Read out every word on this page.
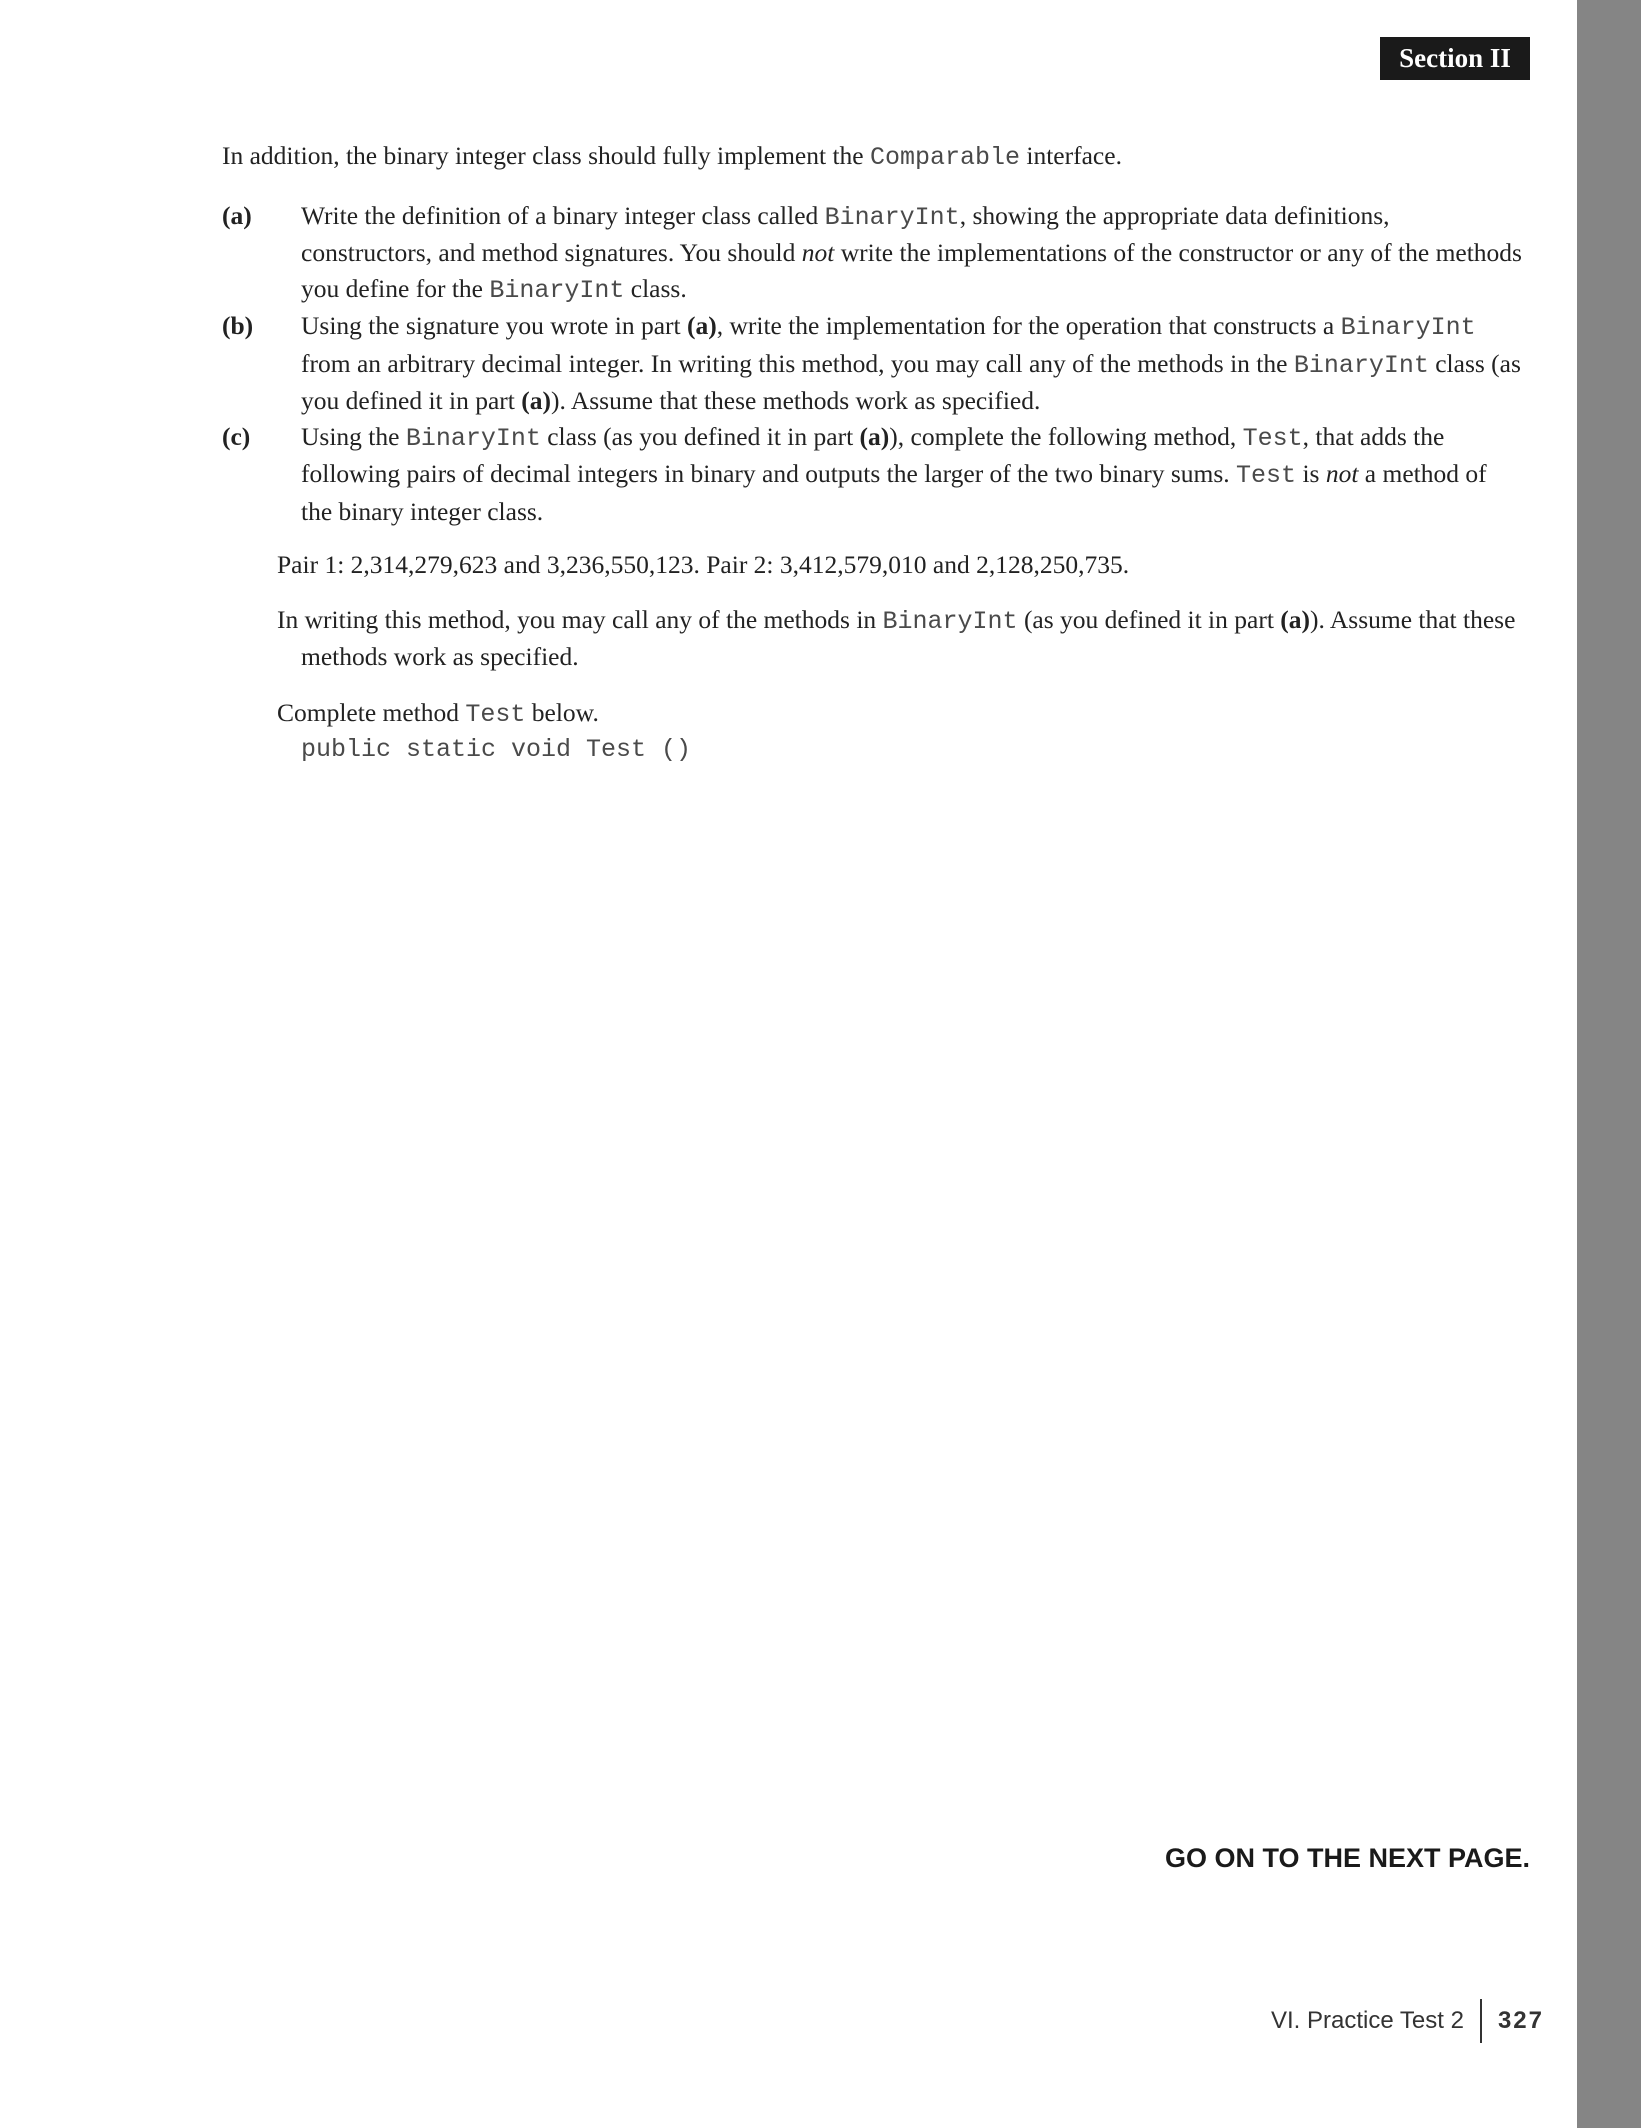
Section II

In addition, the binary integer class should fully implement the Comparable interface.

(a)	Write the definition of a binary integer class called BinaryInt, showing the appropriate data definitions, constructors, and method signatures. You should not write the implementations of the constructor or any of the methods you define for the BinaryInt class.

(b)	Using the signature you wrote in part (a), write the implementation for the operation that constructs a BinaryInt from an arbitrary decimal integer. In writing this method, you may call any of the methods in the BinaryInt class (as you defined it in part (a)). Assume that these methods work as specified.

(c)	Using the BinaryInt class (as you defined it in part (a)), complete the following method, Test, that adds the following pairs of decimal integers in binary and outputs the larger of the two binary sums. Test is not a method of the binary integer class.

Pair 1: 2,314,279,623 and 3,236,550,123. Pair 2: 3,412,579,010 and 2,128,250,735.

In writing this method, you may call any of the methods in BinaryInt (as you defined it in part (a)). Assume that these methods work as specified.

Complete method Test below.

public static void Test ()

GO ON TO THE NEXT PAGE.
VI. Practice Test 2 327
